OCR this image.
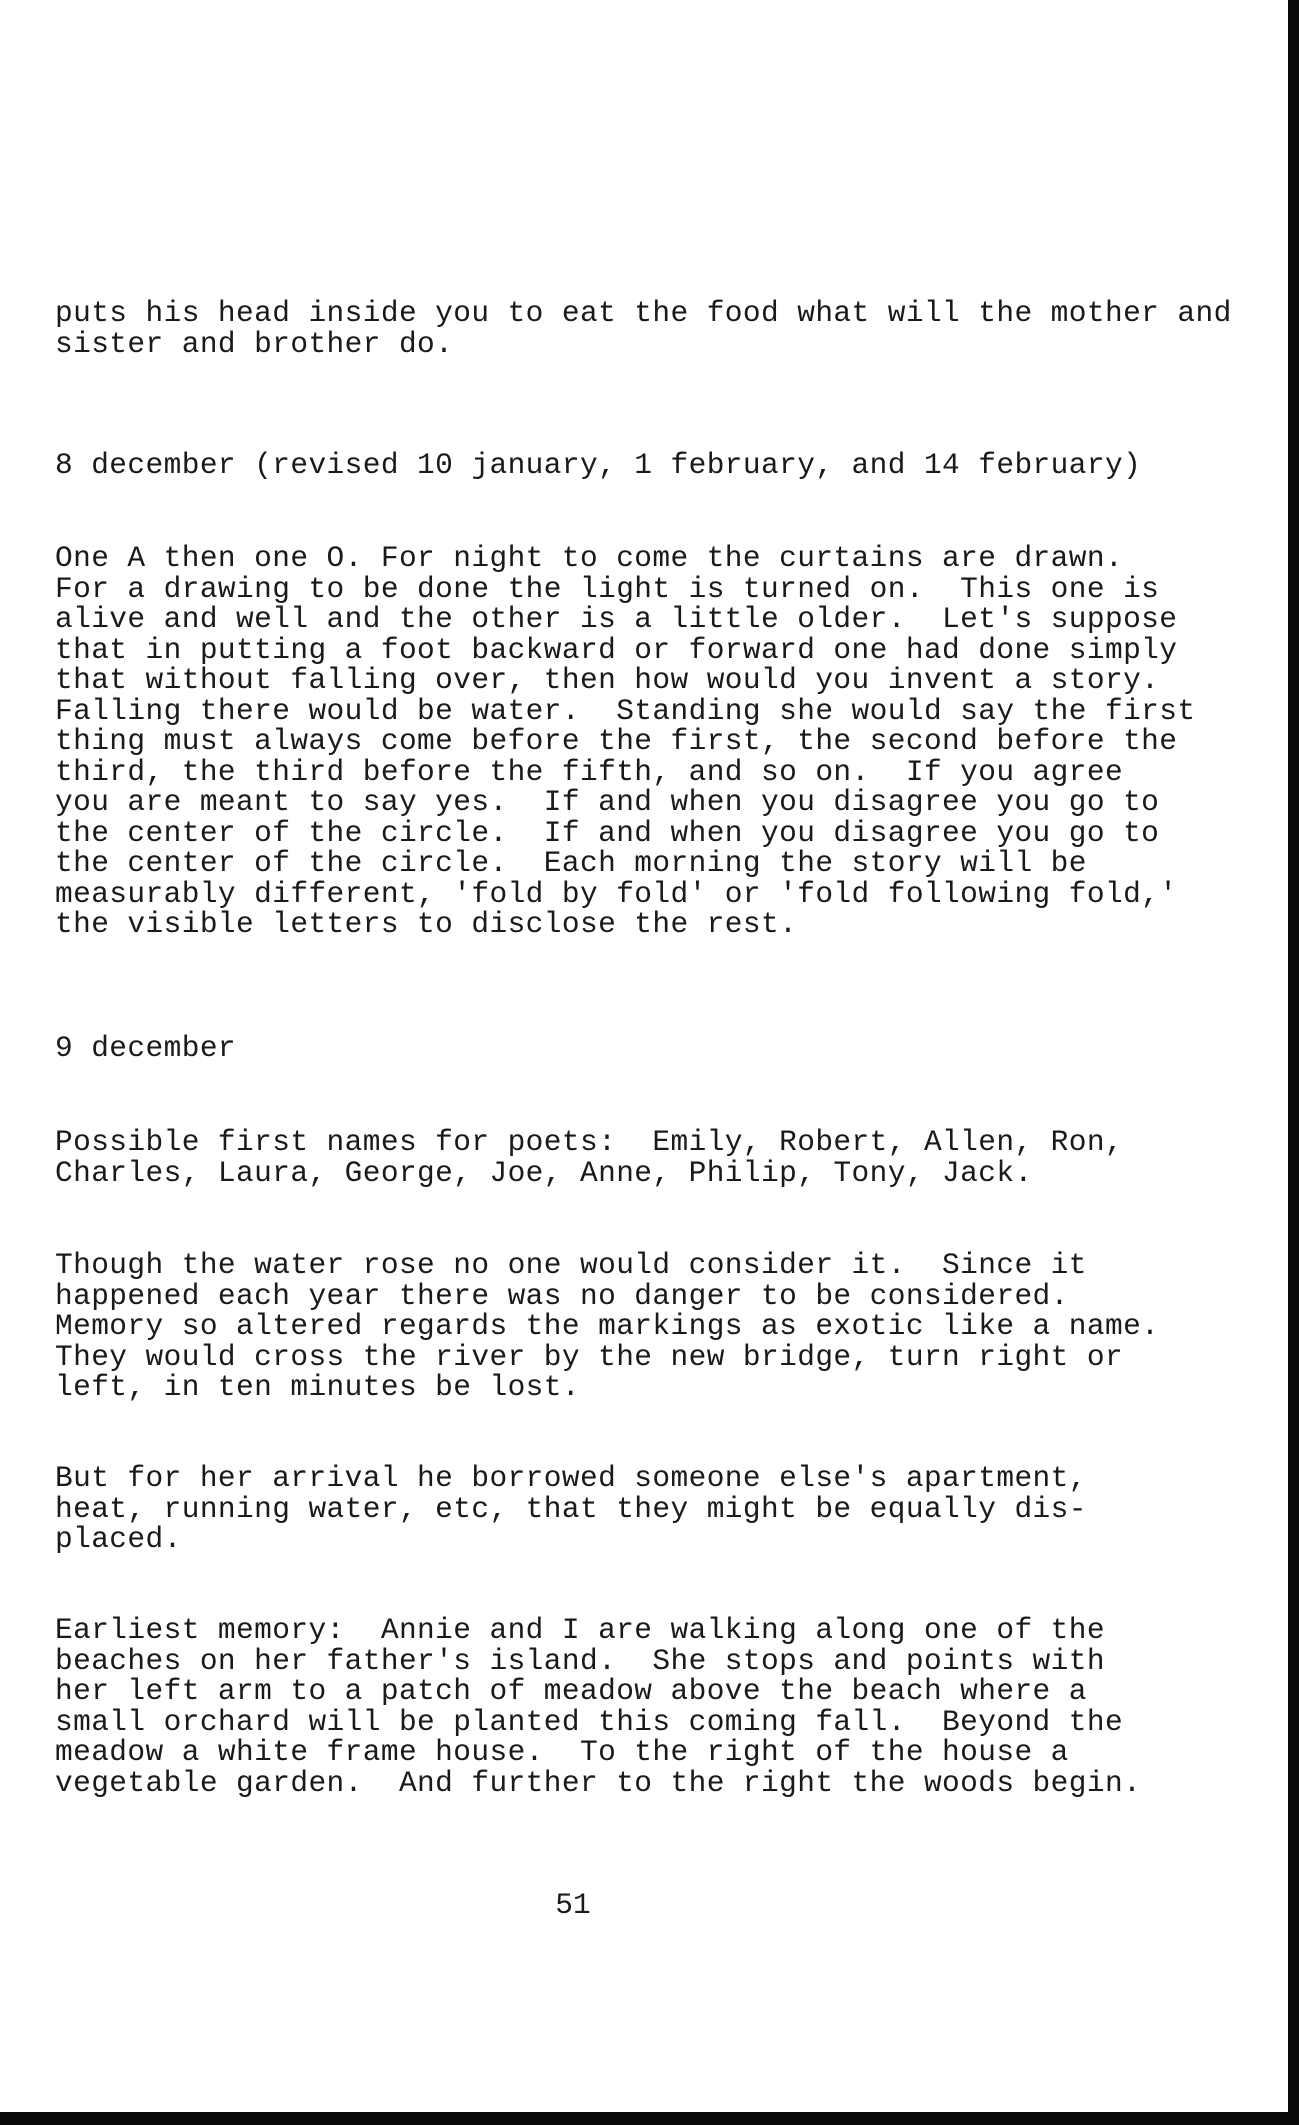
puts his head inside you to eat the food what will the mother and
sister and brother do.

8 december (revised 10 january, 1 february, and 14 february)

One A then one O. For night to come the curtains are drawn.
For a drawing to be done the light is turned on.  This one is
alive and well and the other is a little older.  Let's suppose
that in putting a foot backward or forward one had done simply
that without falling over, then how would you invent a story.
Falling there would be water.  Standing she would say the first
thing must always come before the first, the second before the
third, the third before the fifth, and so on.  If you agree
you are meant to say yes.  If and when you disagree you go to
the center of the circle.  If and when you disagree you go to
the center of the circle.  Each morning the story will be
measurably different, 'fold by fold' or 'fold following fold,'
the visible letters to disclose the rest.

9 december

Possible first names for poets:  Emily, Robert, Allen, Ron,
Charles, Laura, George, Joe, Anne, Philip, Tony, Jack.

Though the water rose no one would consider it.  Since it
happened each year there was no danger to be considered.
Memory so altered regards the markings as exotic like a name.
They would cross the river by the new bridge, turn right or
left, in ten minutes be lost.

But for her arrival he borrowed someone else's apartment,
heat, running water, etc, that they might be equally dis-
placed.

Earliest memory:  Annie and I are walking along one of the
beaches on her father's island.  She stops and points with
her left arm to a patch of meadow above the beach where a
small orchard will be planted this coming fall.  Beyond the
meadow a white frame house.  To the right of the house a
vegetable garden.  And further to the right the woods begin.

51
